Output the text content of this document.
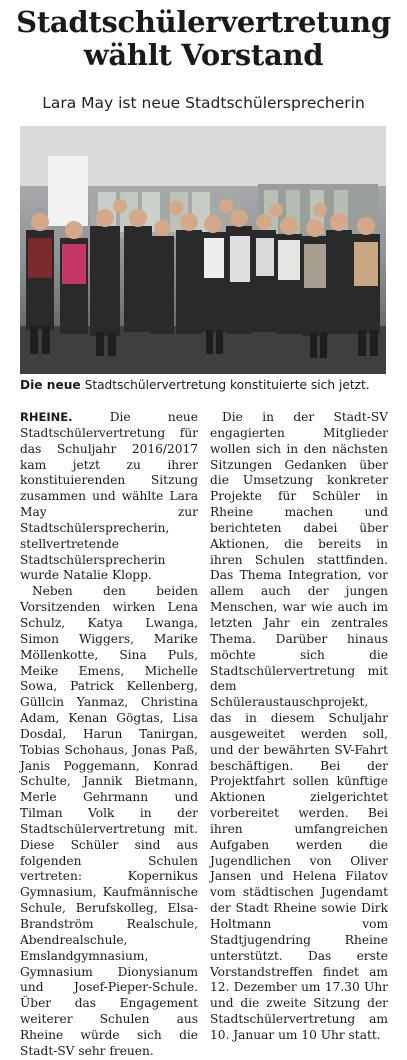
Stadtschülervertretung
wählt Vorstand
Lara May ist neue Stadtschülersprecherin
Die neue Stadtschülervertretung konstituierte sich jetzt.

RHEINE. Die neue Stadtschülervertretung für das Schuljahr 2016/2017 kam jetzt zu ihrer konstituierenden Sitzung zusammen und wählte Lara May zur Stadtschülersprecherin, stellvertretende Stadtschülersprecherin wurde Natalie Klopp.

Neben den beiden Vorsitzenden wirken Lena Schulz, Katya Lwanga, Simon Wiggers, Marike Möllenkotte, Sina Puls, Meike Emens, Michelle Sowa, Patrick Kellenberg, Güllcin Yanmaz, Christina Adam, Kenan Gögtas, Lisa Dosdal, Harun Tanirgan, Tobias Schohaus, Jonas Paß, Janis Poggemann, Konrad Schulte, Jannik Bietmann, Merle Gehrmann und Tilman Volk in der Stadtschülervertretung mit. Diese Schüler sind aus folgenden Schulen vertreten: Kopernikus Gymnasium, Kaufmännische Schule, Berufskolleg, Elsa-Brandström Realschule, Abendrealschule, Emslandgymnasium, Gymnasium Dionysianum und Josef-Pieper-Schule. Über das Engagement weiterer Schulen aus Rheine würde sich die Stadt-SV sehr freuen.

Die in der Stadt-SV engagierten Mitglieder wollen sich in den nächsten Sitzungen Gedanken über die Umsetzung konkreter Projekte für Schüler in Rheine machen und berichteten dabei über Aktionen, die bereits in ihren Schulen stattfinden. Das Thema Integration, vor allem auch der jungen Menschen, war wie auch im letzten Jahr ein zentrales Thema. Darüber hinaus möchte sich die Stadtschülervertretung mit dem Schüleraustauschprojekt, das in diesem Schuljahr ausgeweitet werden soll, und der bewährten SV-Fahrt beschäftigen. Bei der Projektfahrt sollen künftige Aktionen zielgerichtet vorbereitet werden. Bei ihren umfangreichen Aufgaben werden die Jugendlichen von Oliver Jansen und Helena Filatov vom städtischen Jugendamt der Stadt Rheine sowie Dirk Holtmann vom Stadtjugendring Rheine unterstützt. Das erste Vorstandstreffen findet am 12. Dezember um 17.30 Uhr und die zweite Sitzung der Stadtschülervertretung am 10. Januar um 10 Uhr statt.
